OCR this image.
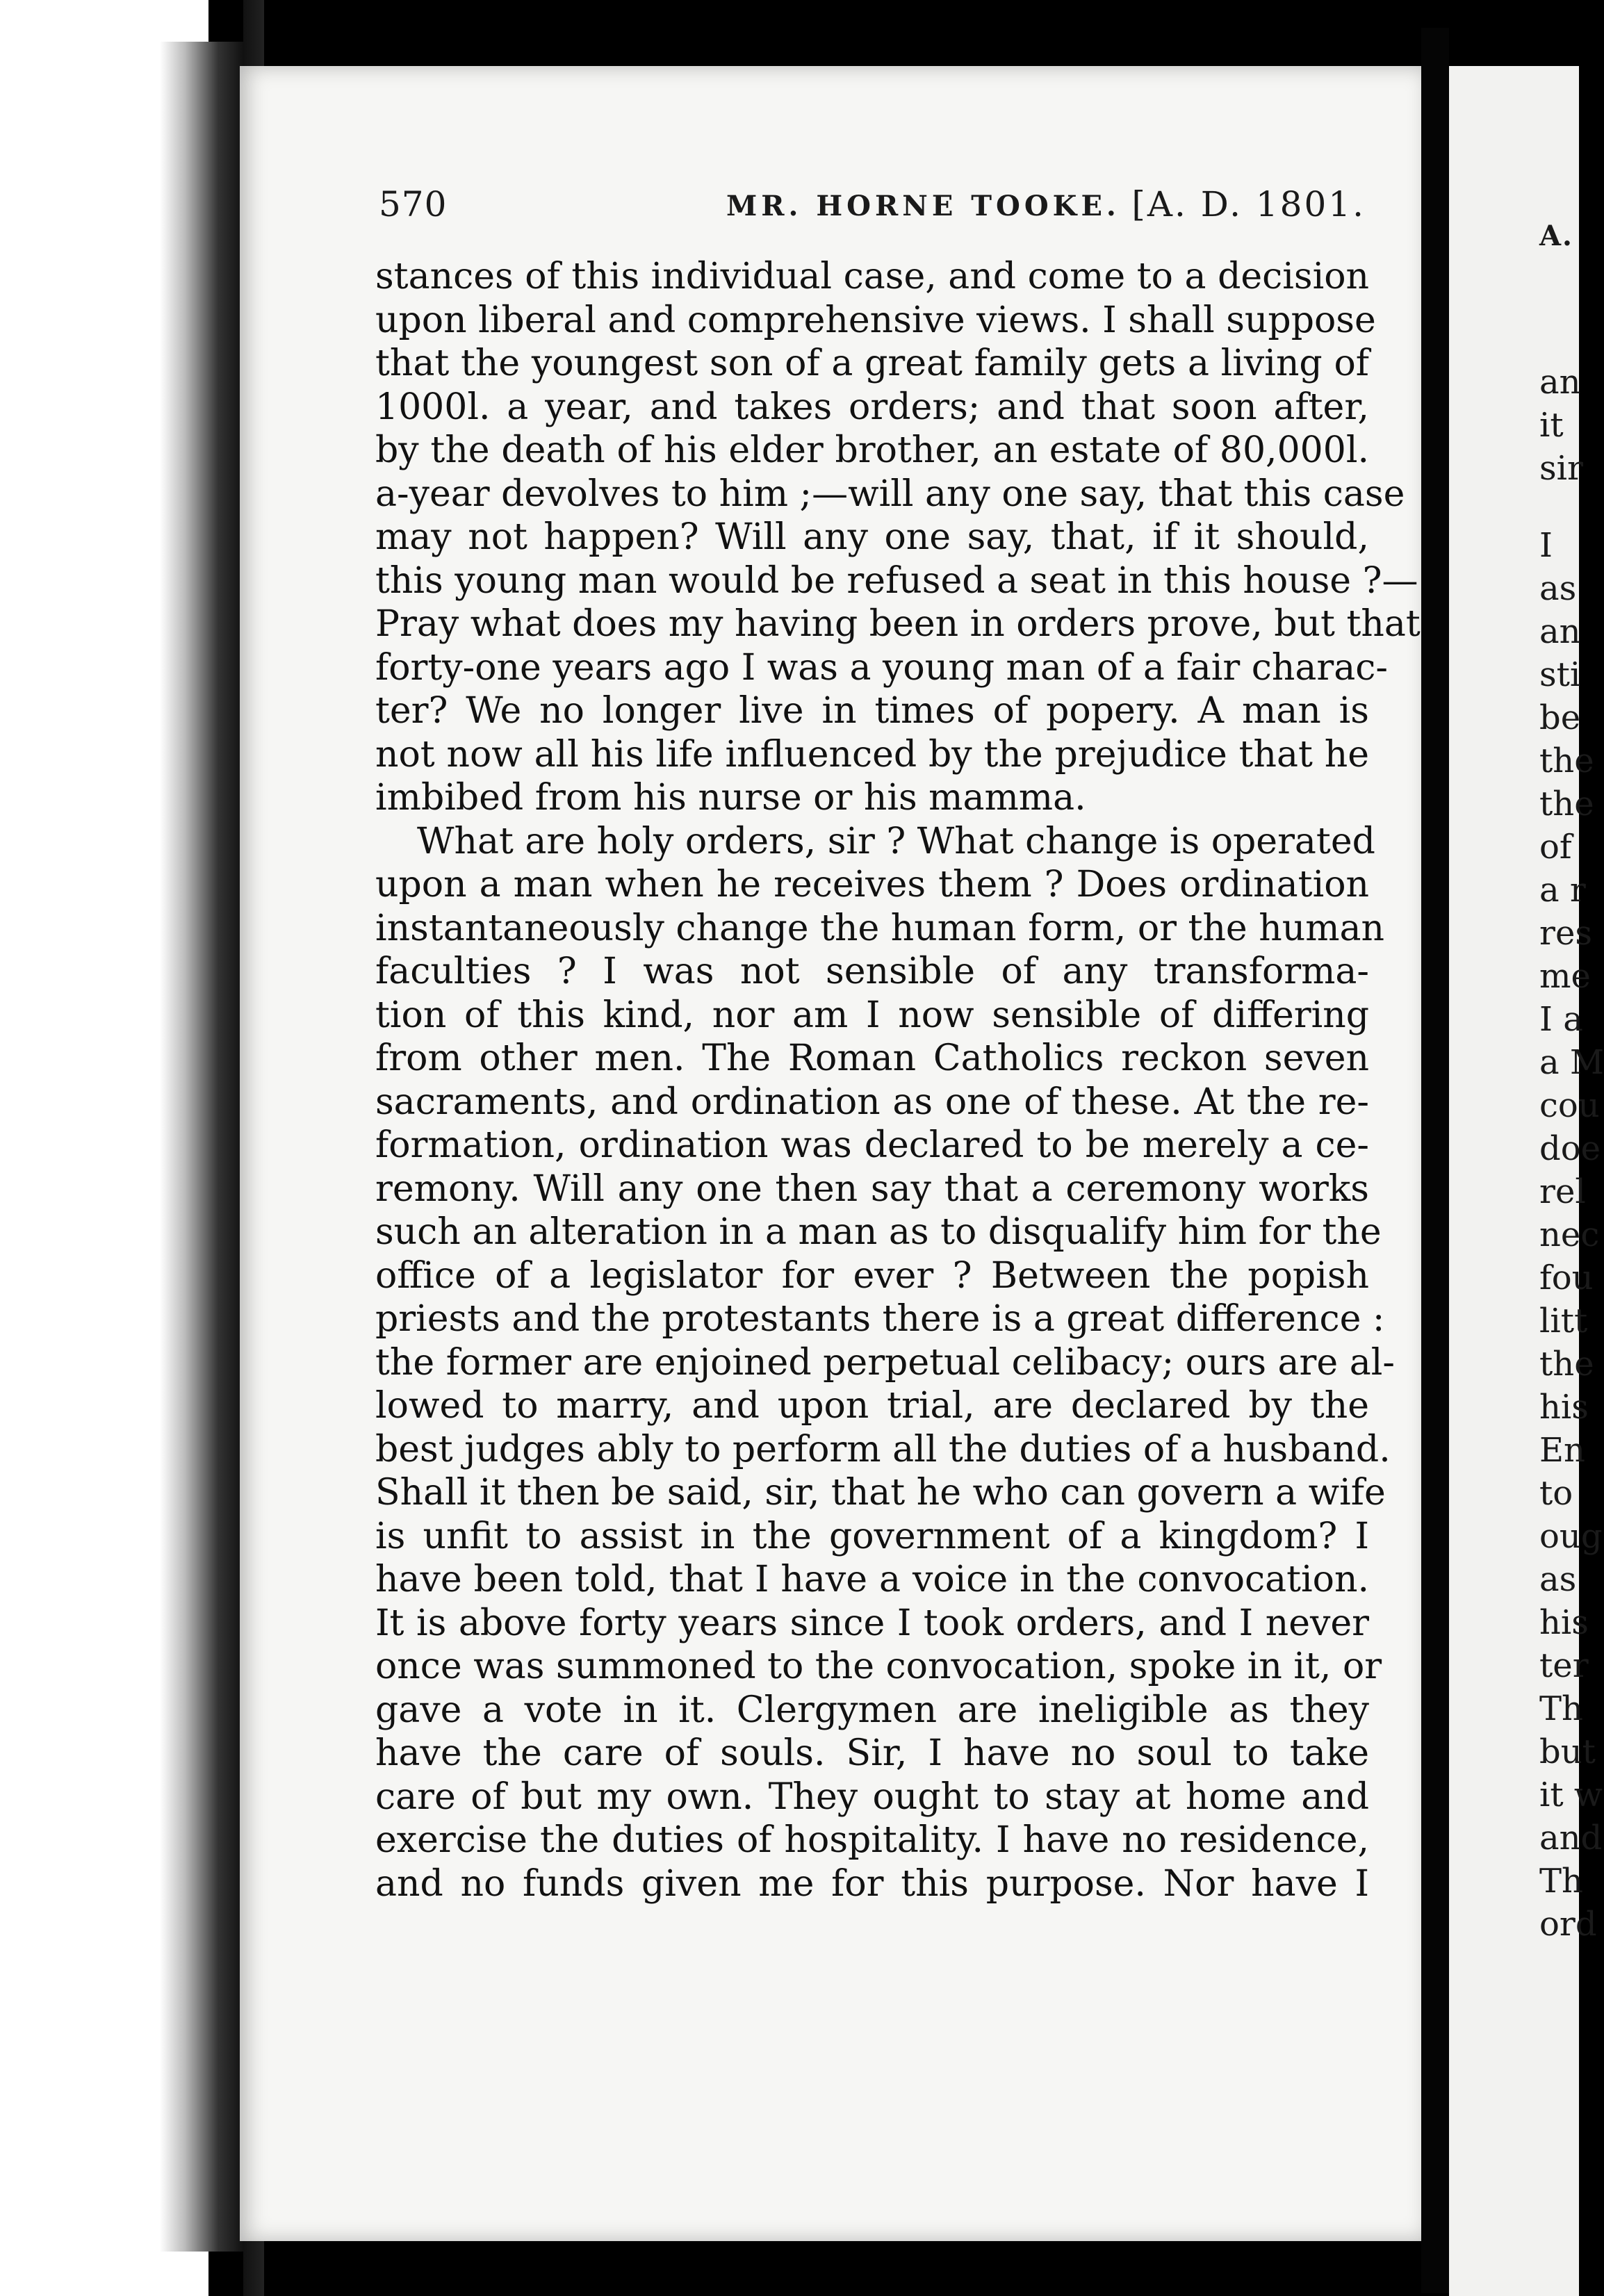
570	MR. HORNE TOOKE. [A. D. 1801.
stances of this individual case, and come to a decision
upon liberal and comprehensive views. I shall suppose
that the youngest son of a great family gets a living of
1000l. a year, and takes orders; and that soon after,
by the death of his elder brother, an estate of 80,000l.
a-year devolves to him ;—will any one say, that this case
may not happen? Will any one say, that, if it should,
this young man would be refused a seat in this house ?—
Pray what does my having been in orders prove, but that
forty-one years ago I was a young man of a fair charac-
ter? We no longer live in times of popery. A man is
not now all his life influenced by the prejudice that he
imbibed from his nurse or his mamma.
What are holy orders, sir ? What change is operated
upon a man when he receives them ? Does ordination
instantaneously change the human form, or the human
faculties ? I was not sensible of any transforma-
tion of this kind, nor am I now sensible of differing
from other men. The Roman Catholics reckon seven
sacraments, and ordination as one of these. At the re-
formation, ordination was declared to be merely a ce-
remony. Will any one then say that a ceremony works
such an alteration in a man as to disqualify him for the
office of a legislator for ever ? Between the popish
priests and the protestants there is a great difference :
the former are enjoined perpetual celibacy; ours are al-
lowed to marry, and upon trial, are declared by the
best judges ably to perform all the duties of a husband.
Shall it then be said, sir, that he who can govern a wife
is unfit to assist in the government of a kingdom? I
have been told, that I have a voice in the convocation.
It is above forty years since I took orders, and I never
once was summoned to the convocation, spoke in it, or
gave a vote in it. Clergymen are ineligible as they
have the care of souls. Sir, I have no soul to take
care of but my own. They ought to stay at home and
exercise the duties of hospitality. I have no residence,
and no funds given me for this purpose. Nor have I
A.
an
it
sir
I
as
an
sti
be
the
the
of
a r
res
me
I a
a M
cou
doe
rel
nec
fou
litt
the
his
En
to
oug
as
his
ter
Th
but
it w
and
Th
ord
